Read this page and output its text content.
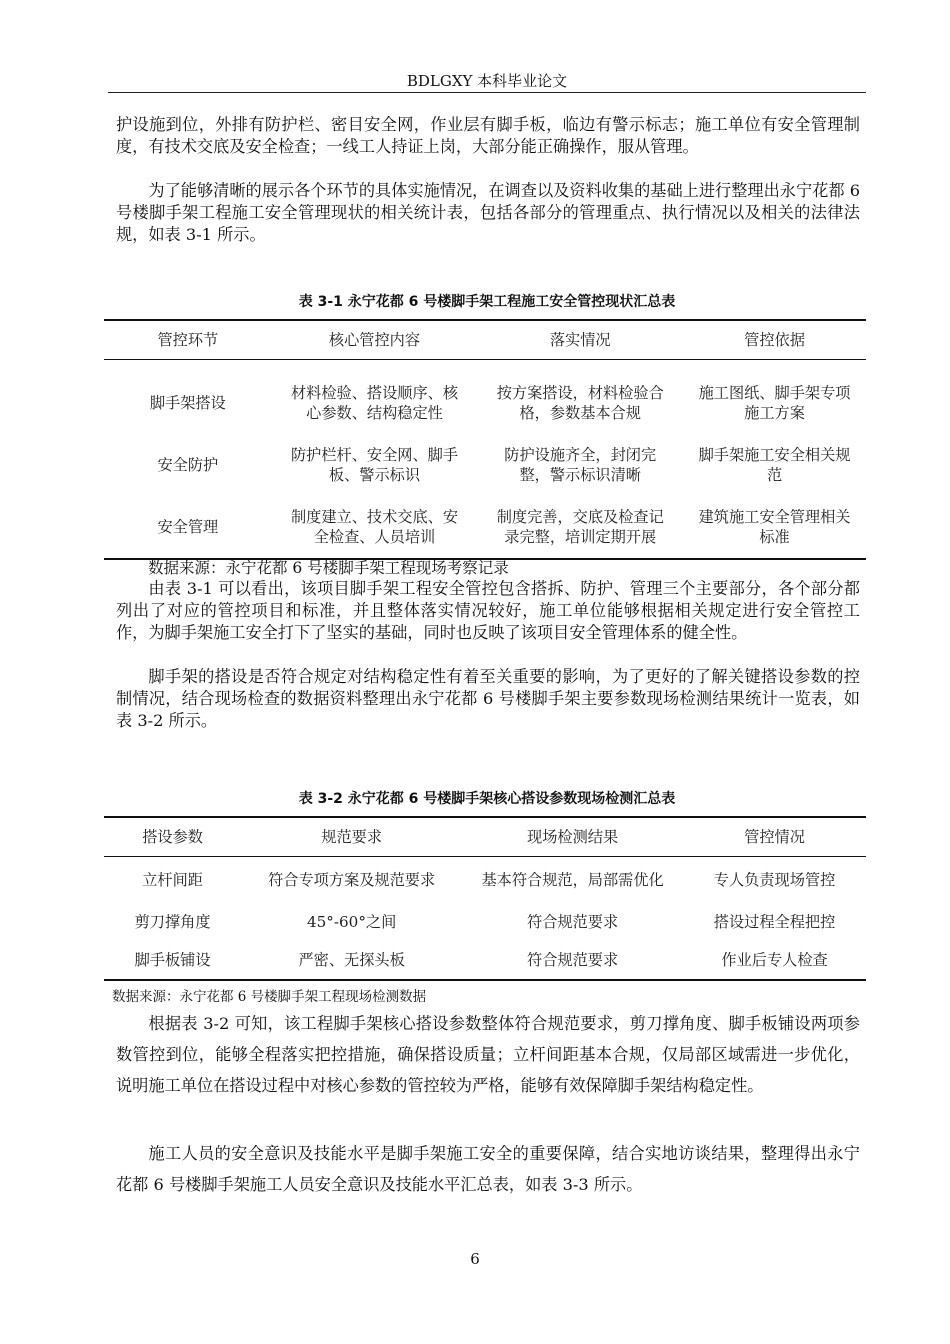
BDLGXY 本科毕业论文
护设施到位，外排有防护栏、密目安全网，作业层有脚手板，临边有警示标志；施工单位有安全管理制度，有技术交底及安全检查；一线工人持证上岗，大部分能正确操作，服从管理。
为了能够清晰的展示各个环节的具体实施情况，在调查以及资料收集的基础上进行整理出永宁花都 6 号楼脚手架工程施工安全管理现状的相关统计表，包括各部分的管理重点、执行情况以及相关的法律法规，如表 3-1 所示。
表 3-1 永宁花都 6 号楼脚手架工程施工安全管控现状汇总表
管控环节	核心管控内容	落实情况	管控依据
脚手架搭设	材料检验、搭设顺序、核心参数、结构稳定性	按方案搭设，材料检验合格，参数基本合规	施工图纸、脚手架专项施工方案
安全防护	防护栏杆、安全网、脚手板、警示标识	防护设施齐全，封闭完整，警示标识清晰	脚手架施工安全相关规范
安全管理	制度建立、技术交底、安全检查、人员培训	制度完善，交底及检查记录完整，培训定期开展	建筑施工安全管理相关标准
数据来源：永宁花都 6 号楼脚手架工程现场考察记录
由表 3-1 可以看出，该项目脚手架工程安全管控包含搭拆、防护、管理三个主要部分，各个部分都列出了对应的管控项目和标准，并且整体落实情况较好，施工单位能够根据相关规定进行安全管控工作，为脚手架施工安全打下了坚实的基础，同时也反映了该项目安全管理体系的健全性。
脚手架的搭设是否符合规定对结构稳定性有着至关重要的影响，为了更好的了解关键搭设参数的控制情况，结合现场检查的数据资料整理出永宁花都 6 号楼脚手架主要参数现场检测结果统计一览表，如表 3-2 所示。
表 3-2 永宁花都 6 号楼脚手架核心搭设参数现场检测汇总表
搭设参数	规范要求	现场检测结果	管控情况
立杆间距	符合专项方案及规范要求	基本符合规范，局部需优化	专人负责现场管控
剪刀撑角度	45°-60°之间	符合规范要求	搭设过程全程把控
脚手板铺设	严密、无探头板	符合规范要求	作业后专人检查
数据来源：永宁花都 6 号楼脚手架工程现场检测数据
根据表 3-2 可知，该工程脚手架核心搭设参数整体符合规范要求，剪刀撑角度、脚手板铺设两项参数管控到位，能够全程落实把控措施，确保搭设质量；立杆间距基本合规，仅局部区域需进一步优化，说明施工单位在搭设过程中对核心参数的管控较为严格，能够有效保障脚手架结构稳定性。
施工人员的安全意识及技能水平是脚手架施工安全的重要保障，结合实地访谈结果，整理得出永宁花都 6 号楼脚手架施工人员安全意识及技能水平汇总表，如表 3-3 所示。
6
